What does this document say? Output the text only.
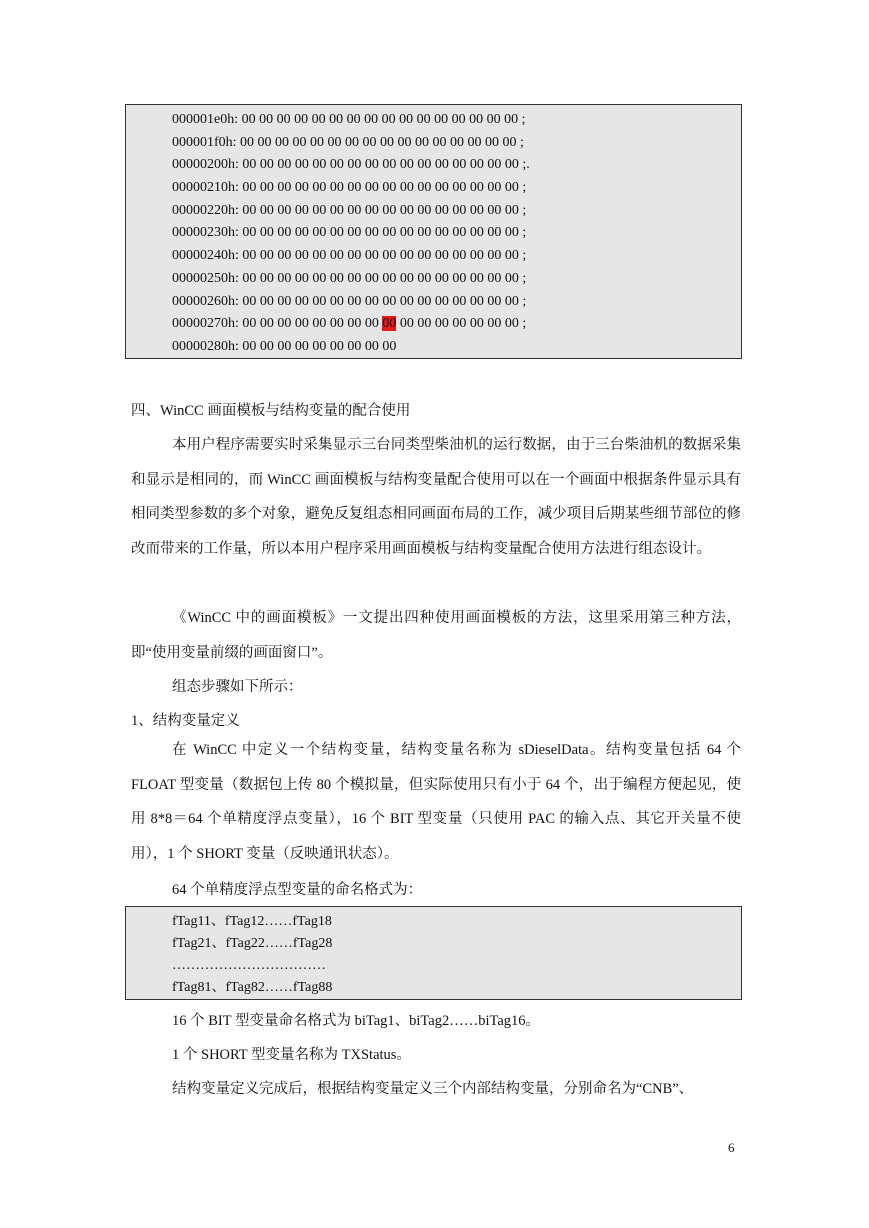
000001e0h: 00 00 00 00 00 00 00 00 00 00 00 00 00 00 00 00 ;
000001f0h: 00 00 00 00 00 00 00 00 00 00 00 00 00 00 00 00 ;
00000200h: 00 00 00 00 00 00 00 00 00 00 00 00 00 00 00 00 ;.
00000210h: 00 00 00 00 00 00 00 00 00 00 00 00 00 00 00 00 ;
00000220h: 00 00 00 00 00 00 00 00 00 00 00 00 00 00 00 00 ;
00000230h: 00 00 00 00 00 00 00 00 00 00 00 00 00 00 00 00 ;
00000240h: 00 00 00 00 00 00 00 00 00 00 00 00 00 00 00 00 ;
00000250h: 00 00 00 00 00 00 00 00 00 00 00 00 00 00 00 00 ;
00000260h: 00 00 00 00 00 00 00 00 00 00 00 00 00 00 00 00 ;
00000270h: 00 00 00 00 00 00 00 00 00 00 00 00 00 00 00 00 ;
00000280h: 00 00 00 00 00 00 00 00 00
四、WinCC 画面模板与结构变量的配合使用
本用户程序需要实时采集显示三台同类型柴油机的运行数据，由于三台柴油机的数据采集和显示是相同的，而 WinCC 画面模板与结构变量配合使用可以在一个画面中根据条件显示具有相同类型参数的多个对象，避免反复组态相同画面布局的工作，减少项目后期某些细节部位的修改而带来的工作量，所以本用户程序采用画面模板与结构变量配合使用方法进行组态设计。
《WinCC 中的画面模板》一文提出四种使用画面模板的方法，这里采用第三种方法，即“使用变量前缀的画面窗口”。
组态步骤如下所示：
1、结构变量定义
在 WinCC 中定义一个结构变量，结构变量名称为 sDieselData。结构变量包括 64 个 FLOAT 型变量（数据包上传 80 个模拟量，但实际使用只有小于 64 个，出于编程方便起见，使用 8*8＝64 个单精度浮点变量），16 个 BIT 型变量（只使用 PAC 的输入点、其它开关量不使用），1 个 SHORT 变量（反映通讯状态）。
64 个单精度浮点型变量的命名格式为：
fTag11、fTag12……fTag18
fTag21、fTag22……fTag28
……………………………
fTag81、fTag82……fTag88
16 个 BIT 型变量命名格式为 biTag1、biTag2……biTag16。
1 个 SHORT 型变量名称为 TXStatus。
结构变量定义完成后，根据结构变量定义三个内部结构变量，分别命名为“CNB”、
6
